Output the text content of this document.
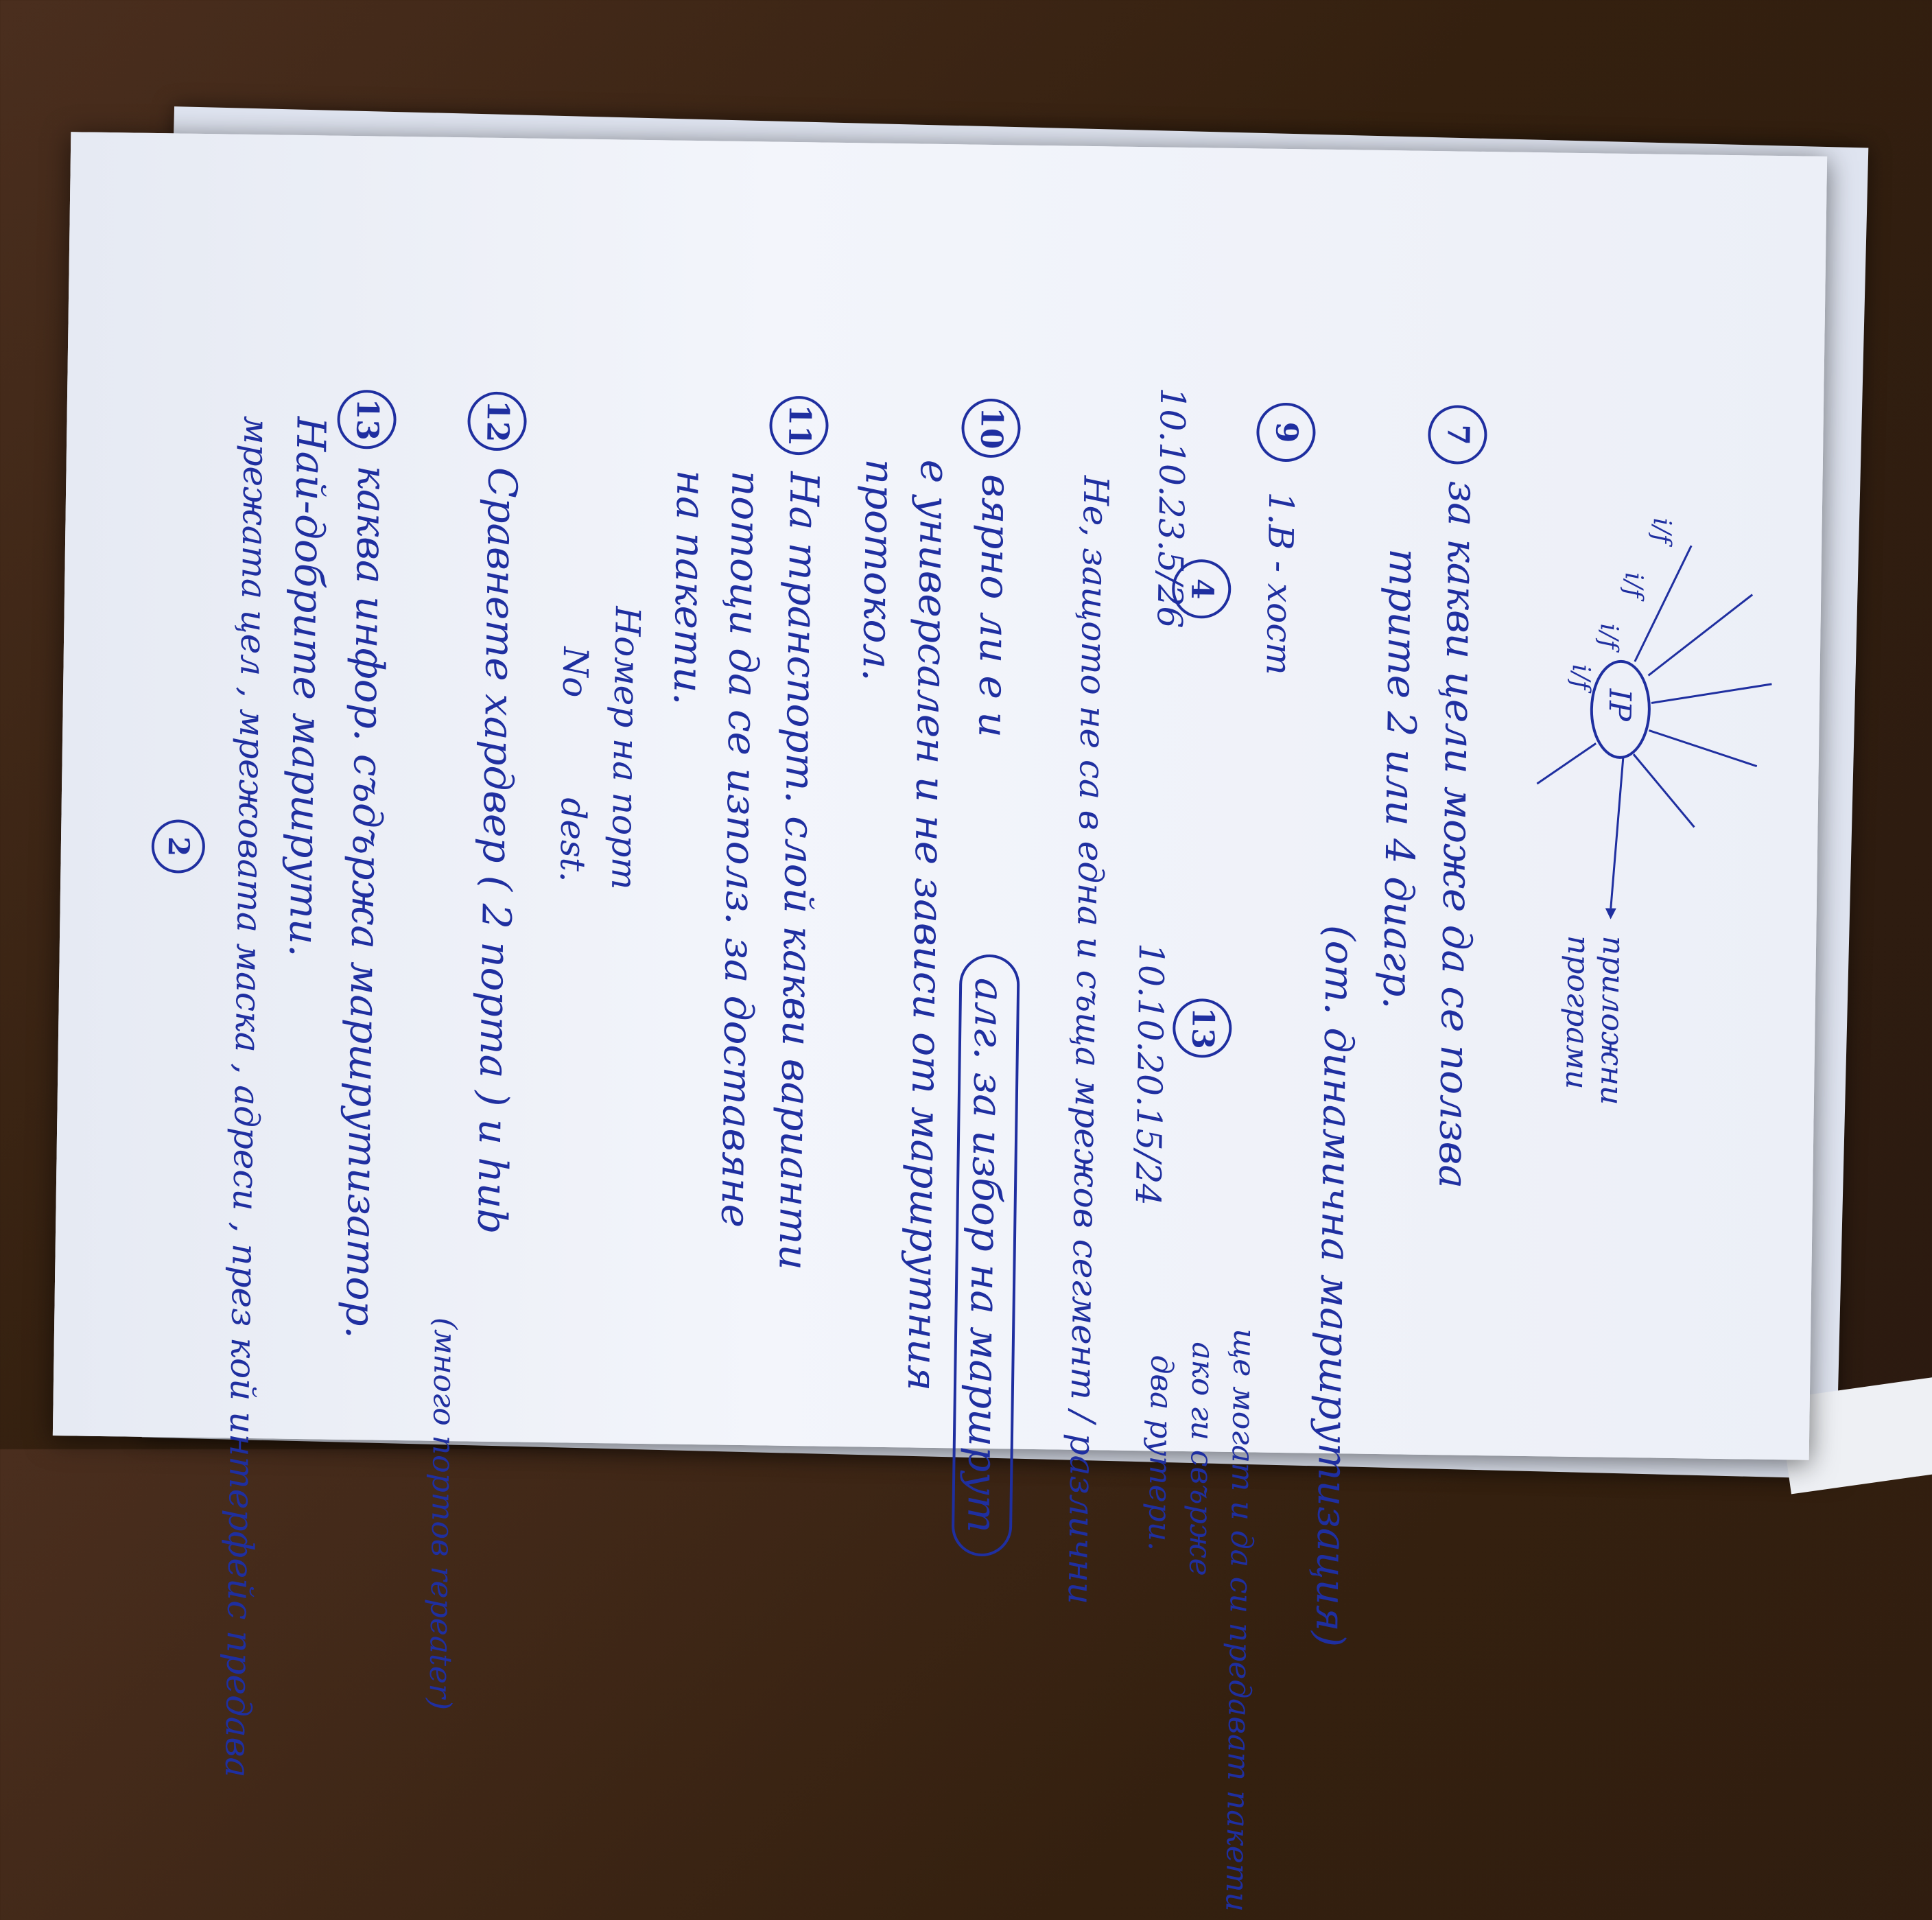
IP
i/f
i/f
i/f
i/f
приложни програми
7
за какви цели може да се ползва
трите 2 или 4 диагр.
(от. динамична маршрутизация)
9
1.В - хост
4
13
10.10.23.5/26
10.10.20.15/24
Не, защото не са в една и съща мрежов сегмент / различни
ще могат и да си предават пакети
ако ги свърже
два рутери.
10
вярно ли е и
алг. за избор на маршрут
е универсален и не зависи от маршрутния
протокол.
11
На транспорт. слой какви варианти
потоци да се използ. за доставяне
на пакети.
Номер на порт
No
dest.
12
Сравнете хардвер ( 2 порта ) и hub
(много портов repeater)
13
каква инфор. съдържа маршрутизатор.
Най-добрите маршрути.
мрежата цел , мрежовата маска , адреси , през кой интерфейс предава
2
